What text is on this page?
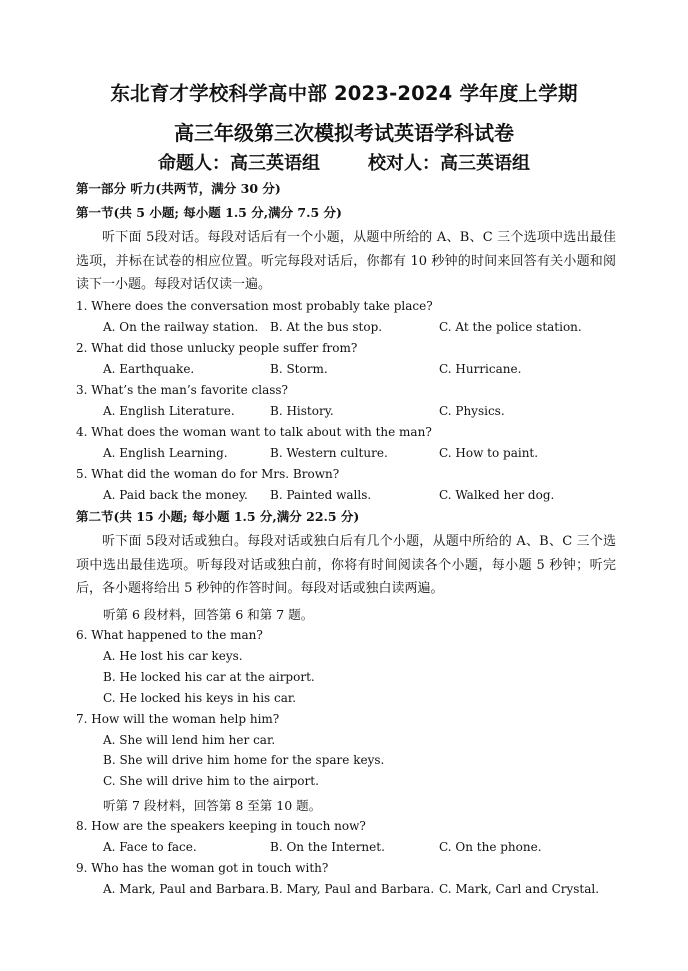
东北育才学校科学高中部 2023-2024 学年度上学期
高三年级第三次模拟考试英语学科试卷
命题人：高三英语组	校对人：高三英语组
第一部分 听力(共两节，满分 30 分)
第一节(共 5 小题; 每小题 1.5 分,满分 7.5 分)
听下面 5段对话。每段对话后有一个小题，从题中所给的 A、B、C 三个选项中选出最佳选项，并标在试卷的相应位置。听完每段对话后，你都有 10 秒钟的时间来回答有关小题和阅读下一小题。每段对话仅读一遍。
1. Where does the conversation most probably take place?
A. On the railway station. B. At the bus stop.	C. At the police station.
2. What did those unlucky people suffer from?
A. Earthquake.	B. Storm.	C. Hurricane.
3. What’s the man’s favorite class?
A. English Literature.	B. History.	C. Physics.
4. What does the woman want to talk about with the man?
A. English Learning.	B. Western culture.	C. How to paint.
5. What did the woman do for Mrs. Brown?
A. Paid back the money. B. Painted walls.	C. Walked her dog.
第二节(共 15 小题; 每小题 1.5 分,满分 22.5 分)
听下面 5段对话或独白。每段对话或独白后有几个小题，从题中所给的 A、B、C 三个选项中选出最佳选项。听每段对话或独白前，你将有时间阅读各个小题，每小题 5 秒钟；听完后，各小题将给出 5 秒钟的作答时间。每段对话或独白读两遍。
听第 6 段材料，回答第 6 和第 7 题。
6. What happened to the man?
A. He lost his car keys.
B. He locked his car at the airport.
C. He locked his keys in his car.
7. How will the woman help him?
A. She will lend him her car.
B. She will drive him home for the spare keys.
C. She will drive him to the airport.
听第 7 段材料，回答第 8 至第 10 题。
8. How are the speakers keeping in touch now?
A. Face to face.	B. On the Internet.	C. On the phone.
9. Who has the woman got in touch with?
A. Mark, Paul and Barbara. B. Mary, Paul and Barbara. C. Mark, Carl and Crystal.
